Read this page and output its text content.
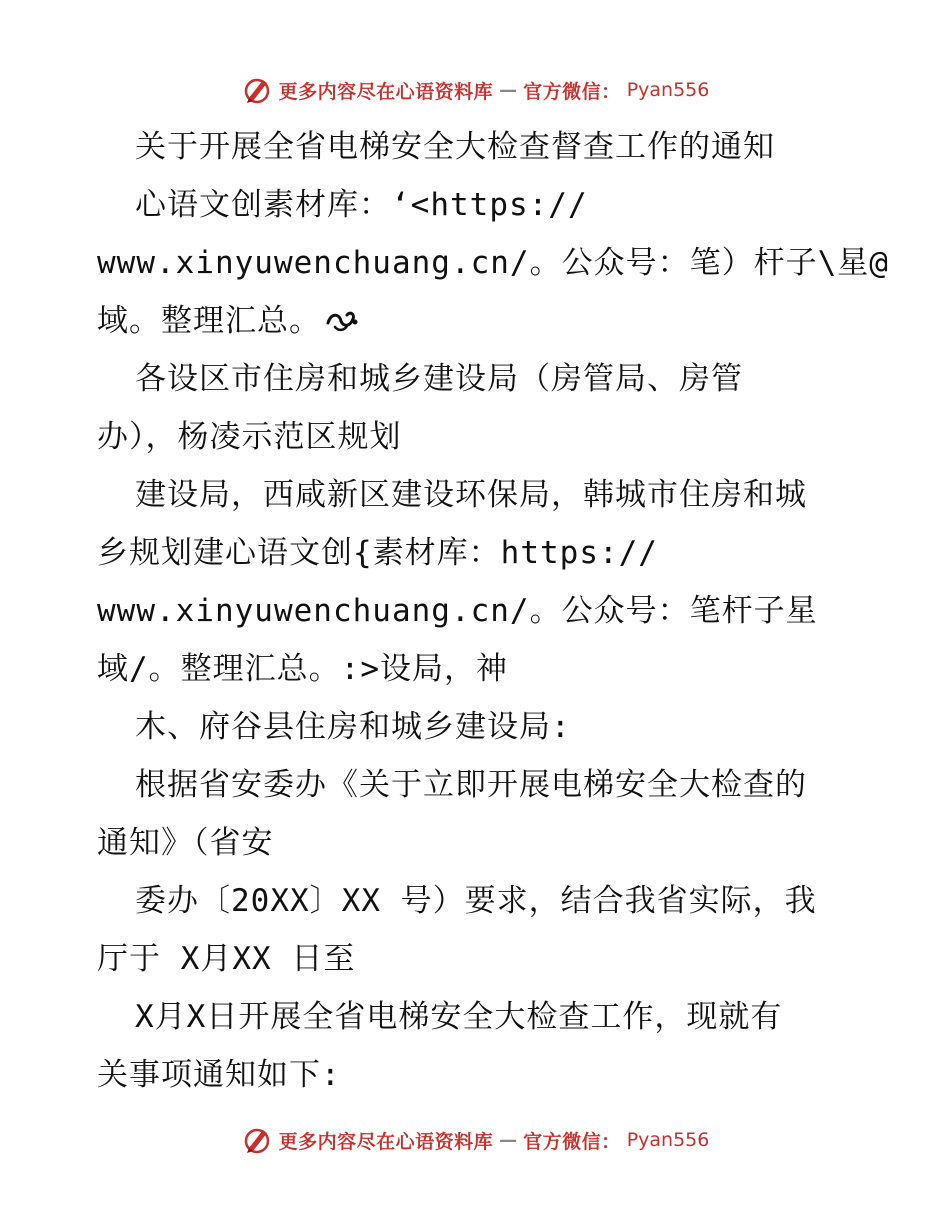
更多内容尽在心语资料库 — 官方微信： Pyan556
关于开展全省电梯安全大检查督查工作的通知
心语文创素材库：‘<https://
www.xinyuwenchuang.cn/。公众号：笔）杆子\星@
域。整理汇总。
各设区市住房和城乡建设局（房管局、房管
办），杨凌示范区规划
建设局，西咸新区建设环保局，韩城市住房和城
乡规划建心语文创{素材库：https://
www.xinyuwenchuang.cn/。公众号：笔杆子星
域/。整理汇总。:>设局，神
木、府谷县住房和城乡建设局:
根据省安委办《关于立即开展电梯安全大检查的
通知》（省安
委办〔20XX〕XX 号）要求，结合我省实际，我
厅于 X月XX 日至
X月X日开展全省电梯安全大检查工作，现就有
关事项通知如下:
更多内容尽在心语资料库 — 官方微信： Pyan556
